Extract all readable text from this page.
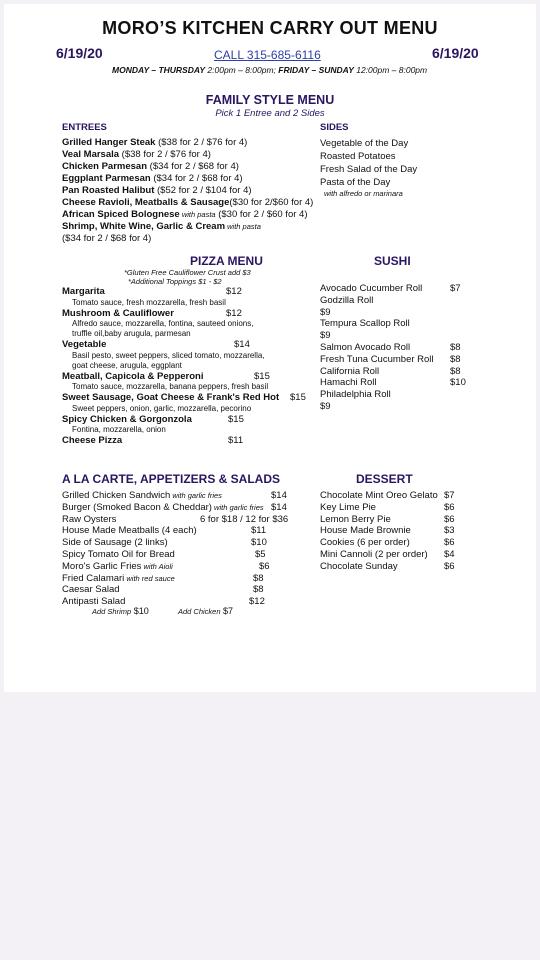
MORO’S KITCHEN CARRY OUT MENU
6/19/20	6/19/20
CALL 315-685-6116
MONDAY – THURSDAY 2:00pm – 8:00pm; FRIDAY – SUNDAY 12:00pm – 8:00pm
FAMILY STYLE MENU
Pick 1 Entree and 2 Sides
ENTREES	SIDES
Grilled Hanger Steak ($38 for 2 / $76 for 4)
Veal Marsala ($38 for 2 / $76 for 4)
Chicken Parmesan ($34 for 2 / $68 for 4)
Eggplant Parmesan ($34 for 2 / $68 for 4)
Pan Roasted Halibut ($52 for 2 / $104 for 4)
Cheese Ravioli, Meatballs & Sausage($30 for 2/$60 for 4)
African Spiced Bolognese with pasta ($30 for 2 / $60 for 4)
Shrimp, White Wine, Garlic & Cream with pasta
($34 for 2 / $68 for 4)
Vegetable of the Day
Roasted Potatoes
Fresh Salad of the Day
Pasta of the Day
with alfredo or marinara
PIZZA MENU
*Gluten Free Cauliflower Crust add $3
*Additional Toppings $1 - $2
Margarita	$12
Tomato sauce, fresh mozzarella, fresh basil
Mushroom & Cauliflower	$12
Alfredo sauce, mozzarella, fontina, sauteed onions,
truffle oil,baby arugula, parmesan
Vegetable	$14
Basil pesto, sweet peppers, sliced tomato, mozzarella,
goat cheese, arugula, eggplant
Meatball, Capicola & Pepperoni	$15
Tomato sauce, mozzarella, banana peppers, fresh basil
Sweet Sausage, Goat Cheese & Frank's Red Hot $15
Sweet peppers, onion, garlic, mozzarella, pecorino
Spicy Chicken & Gorgonzola	$15
Fontina, mozzarella, onion
Cheese Pizza	$11
SUSHI
Avocado Cucumber Roll	$7
Godzilla Roll
$9
Tempura Scallop Roll
$9
Salmon Avocado Roll	$8
Fresh Tuna Cucumber Roll $8
California Roll	$8
Hamachi Roll	$10
Philadelphia Roll
$9
A LA CARTE, APPETIZERS & SALADS
Grilled Chicken Sandwich with garlic fries	$14
Burger (Smoked Bacon & Cheddar) with garlic fries $14
Raw Oysters	6 for $18 / 12 for $36
House Made Meatballs (4 each)	$11
Side of Sausage (2 links)	$10
Spicy Tomato Oil for Bread	$5
Moro's Garlic Fries with Aioli	$6
Fried Calamari with red sauce	$8
Caesar Salad	$8
Antipasti Salad	$12
Add Shrimp $10	Add Chicken $7
DESSERT
Chocolate Mint Oreo Gelato $7
Key Lime Pie	$6
Lemon Berry Pie	$6
House Made Brownie	$3
Cookies (6 per order)	$6
Mini Cannoli (2 per order) $4
Chocolate Sunday	$6
